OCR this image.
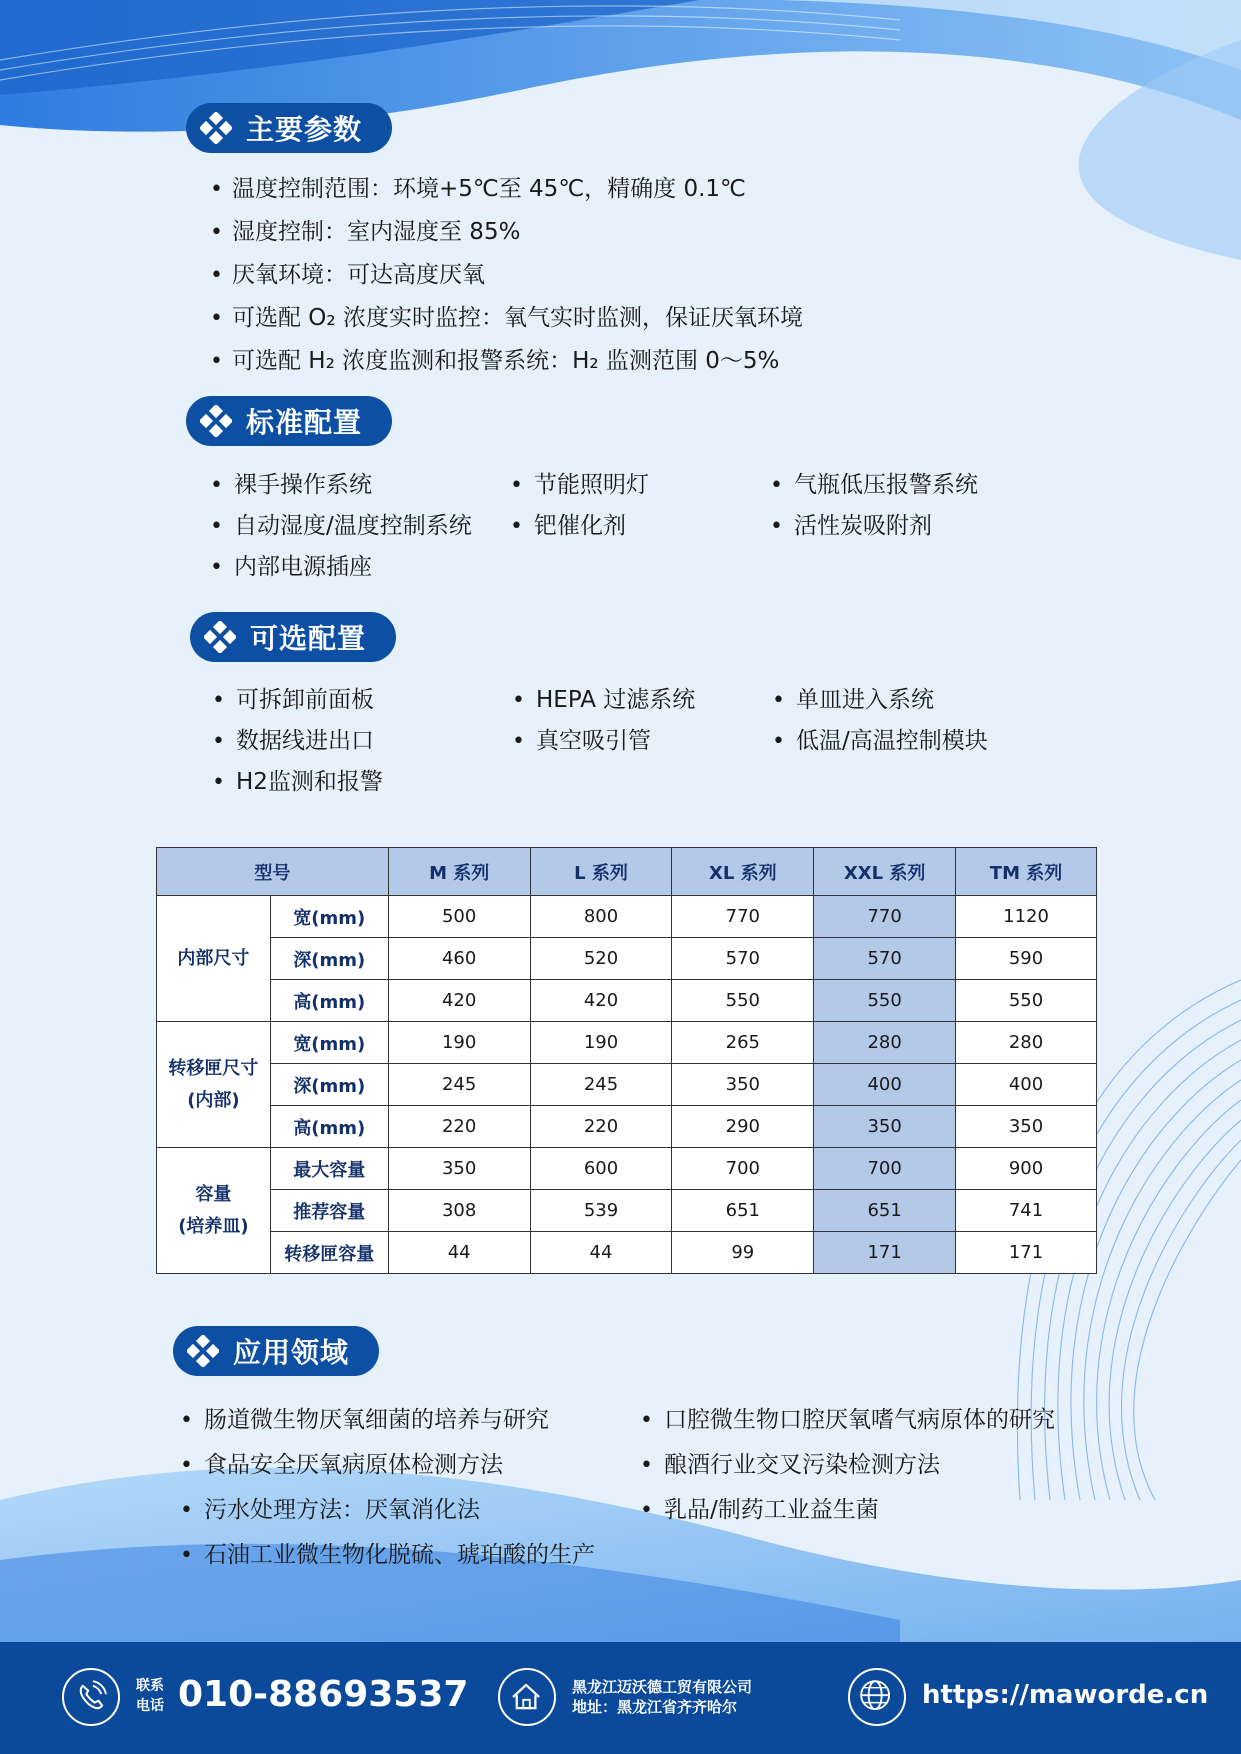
主要参数
• 温度控制范围：环境+5℃至 45℃，精确度 0.1℃
• 湿度控制：室内湿度至 85%
• 厌氧环境：可达高度厌氧
• 可选配 O₂ 浓度实时监控：氧气实时监测，保证厌氧环境
• 可选配 H₂ 浓度监测和报警系统：H₂ 监测范围 0～5%
标准配置
• 裸手操作系统	• 节能照明灯	• 气瓶低压报警系统
• 自动湿度/温度控制系统	• 钯催化剂	• 活性炭吸附剂
• 内部电源插座
可选配置
• 可拆卸前面板	• HEPA 过滤系统	• 单皿进入系统
• 数据线进出口	• 真空吸引管	• 低温/高温控制模块
• H2监测和报警
型号		M 系列	L 系列	XL 系列	XXL 系列	TM 系列

内部尺寸	宽(mm)	500	800	770	770	1120
	深(mm)	460	520	570	570	590
	高(mm)	420	420	550	550	550

转移匣尺寸
(内部)	宽(mm)	190	190	265	280	280
	深(mm)	245	245	350	400	400
	高(mm)	220	220	290	350	350

容量
(培养皿)	最大容量	350	600	700	700	900
	推荐容量	308	539	651	651	741
	转移匣容量	44	44	99	171	171
应用领域
• 肠道微生物厌氧细菌的培养与研究	• 口腔微生物口腔厌氧嗜气病原体的研究
• 食品安全厌氧病原体检测方法	• 酿酒行业交叉污染检测方法
• 污水处理方法：厌氧消化法	• 乳品/制药工业益生菌
• 石油工业微生物化脱硫、琥珀酸的生产
联系
电话 010-88693537	黑龙江迈沃德工贸有限公司
地址：黑龙江省齐齐哈尔	https://mawordе.cn
